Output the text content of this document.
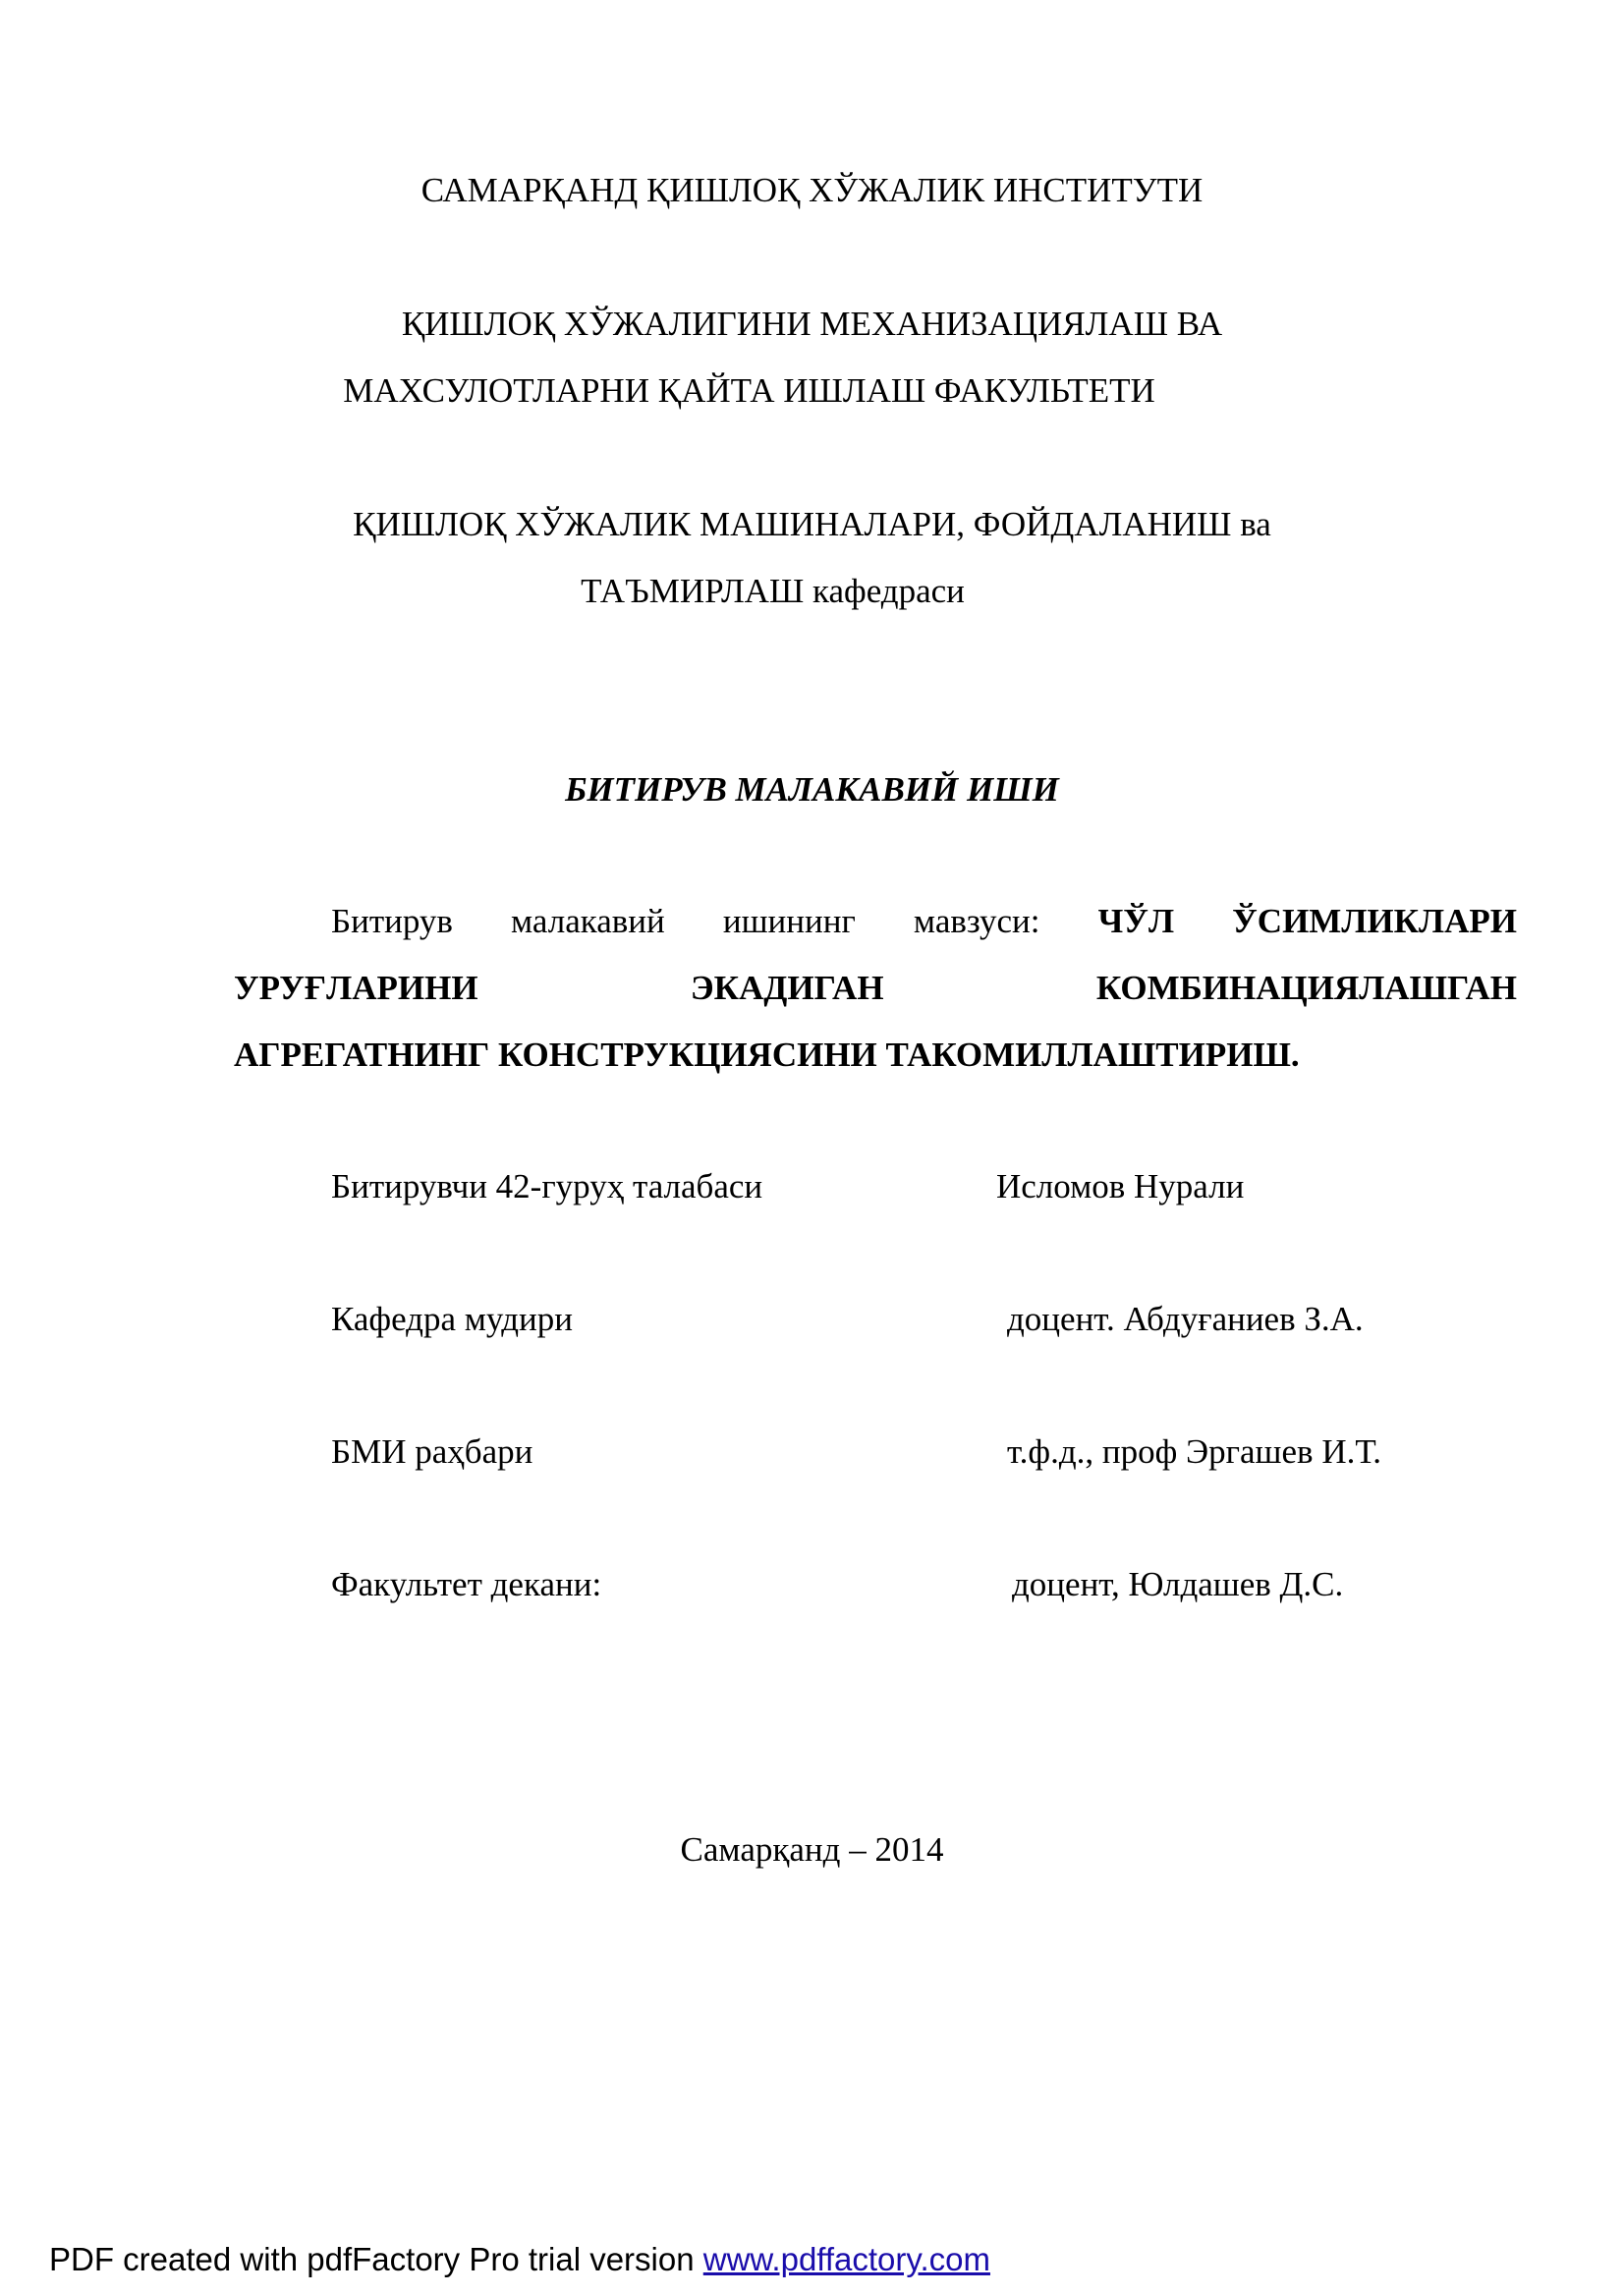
САМАРҚАНД ҚИШЛОҚ ХЎЖАЛИК ИНСТИТУТИ
ҚИШЛОҚ ХЎЖАЛИГИНИ МЕХАНИЗАЦИЯЛАШ ВА
МАХСУЛОТЛАРНИ ҚАЙТА ИШЛАШ ФАКУЛЬТЕТИ
ҚИШЛОҚ ХЎЖАЛИК МАШИНАЛАРИ, ФОЙДАЛАНИШ ва
ТАЪМИРЛАШ кафедраси
БИТИРУВ МАЛАКАВИЙ ИШИ
Битирув малакавий ишининг мавзуси: ЧЎЛ ЎСИМЛИКЛАРИ
УРУҒЛАРИНИ	ЭКАДИГАН	КОМБИНАЦИЯЛАШГАН
АГРЕГАТНИНГ КОНСТРУКЦИЯСИНИ ТАКОМИЛЛАШТИРИШ.
Битирувчи 42-гуруҳ талабаси	Исломов Нурали
Кафедра мудири	доцент. Абдуғаниев З.А.
БМИ раҳбари	т.ф.д., проф Эргашев И.Т.
Факультет декани:	доцент, Юлдашев Д.С.
Самарқанд – 2014
PDF created with pdfFactory Pro trial version www.pdffactory.com
